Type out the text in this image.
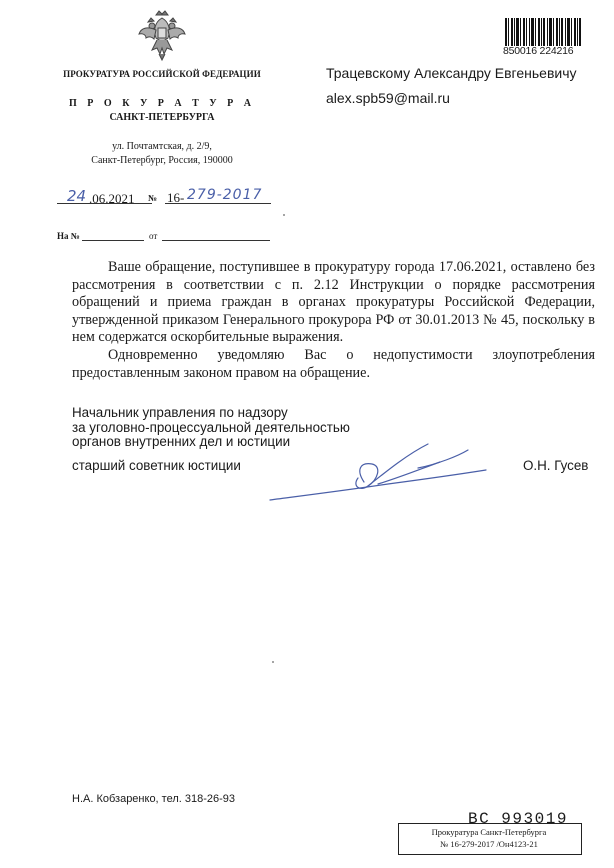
850016 224216
ПРОКУРАТУРА РОССИЙСКОЙ ФЕДЕРАЦИИ
П Р О К У Р А Т У Р А
САНКТ-ПЕТЕРБУРГА
ул. Почтамтская, д. 2/9,
Санкт-Петербург, Россия, 190000
Трацевскому Александру Евгеньевичу
alex.spb59@mail.ru
24 .06.2021 № 16- 279-2017
На №	от

Ваше обращение, поступившее в прокуратуру города 17.06.2021, оставлено без рассмотрения в соответствии с п. 2.12 Инструкции о порядке рассмотрения обращений и приема граждан в органах прокуратуры Российской Федерации, утвержденной приказом Генерального прокурора РФ от 30.01.2013 № 45, поскольку в нем содержатся оскорбительные выражения.

Одновременно уведомляю Вас о недопустимости злоупотребления предоставленным законом правом на обращение.

Начальник управления по надзору
за уголовно-процессуальной деятельностью
органов внутренних дел и юстиции
старший советник юстиции	О.Н. Гусев
Н.А. Кобзаренко, тел. 318-26-93
ВС 993019
Прокуратура Санкт-Петербурга
№ 16-279-2017 /Он4123-21
